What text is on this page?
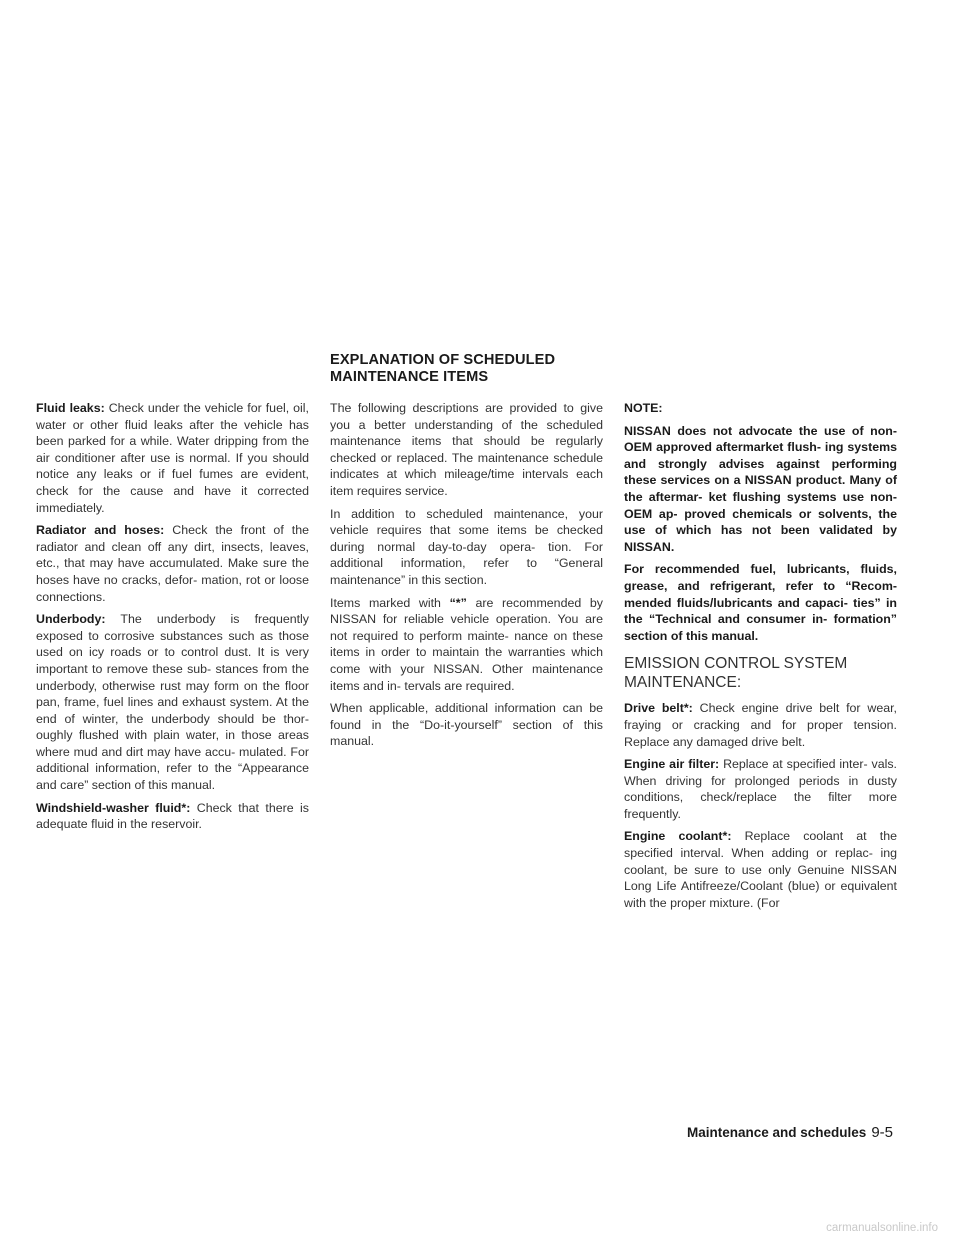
EXPLANATION OF SCHEDULED
MAINTENANCE ITEMS

Fluid leaks: Check under the vehicle for fuel, oil, water or other fluid leaks after the vehicle has been parked for a while. Water dripping from the air conditioner after use is normal. If you should notice any leaks or if fuel fumes are evident, check for the cause and have it corrected immediately.

Radiator and hoses: Check the front of the radiator and clean off any dirt, insects, leaves, etc., that may have accumulated. Make sure the hoses have no cracks, defor- mation, rot or loose connections.

Underbody: The underbody is frequently exposed to corrosive substances such as those used on icy roads or to control dust. It is very important to remove these sub- stances from the underbody, otherwise rust may form on the floor pan, frame, fuel lines and exhaust system. At the end of winter, the underbody should be thor- oughly flushed with plain water, in those areas where mud and dirt may have accu- mulated. For additional information, refer to the “Appearance and care” section of this manual.

Windshield-washer fluid*: Check that there is adequate fluid in the reservoir.

The following descriptions are provided to give you a better understanding of the scheduled maintenance items that should be regularly checked or replaced. The maintenance schedule indicates at which mileage/time intervals each item requires service.

In addition to scheduled maintenance, your vehicle requires that some items be checked during normal day-to-day opera- tion. For additional information, refer to “General maintenance” in this section.

Items marked with “*” are recommended by NISSAN for reliable vehicle operation. You are not required to perform mainte- nance on these items in order to maintain the warranties which come with your NISSAN. Other maintenance items and in- tervals are required.

When applicable, additional information can be found in the “Do-it-yourself” section of this manual.

NOTE:

NISSAN does not advocate the use of non-OEM approved aftermarket flush- ing systems and strongly advises against performing these services on a NISSAN product. Many of the aftermar- ket flushing systems use non-OEM ap- proved chemicals or solvents, the use of which has not been validated by NISSAN.

For recommended fuel, lubricants, fluids, grease, and refrigerant, refer to “Recom- mended fluids/lubricants and capaci- ties” in the “Technical and consumer in- formation” section of this manual.

EMISSION CONTROL SYSTEM
MAINTENANCE:

Drive belt*: Check engine drive belt for wear, fraying or cracking and for proper tension. Replace any damaged drive belt.

Engine air filter: Replace at specified inter- vals. When driving for prolonged periods in dusty conditions, check/replace the filter more frequently.

Engine coolant*: Replace coolant at the specified interval. When adding or replac- ing coolant, be sure to use only Genuine NISSAN Long Life Antifreeze/Coolant (blue) or equivalent with the proper mixture. (For

Maintenance and schedules 9-5
carmanualsonline.info
